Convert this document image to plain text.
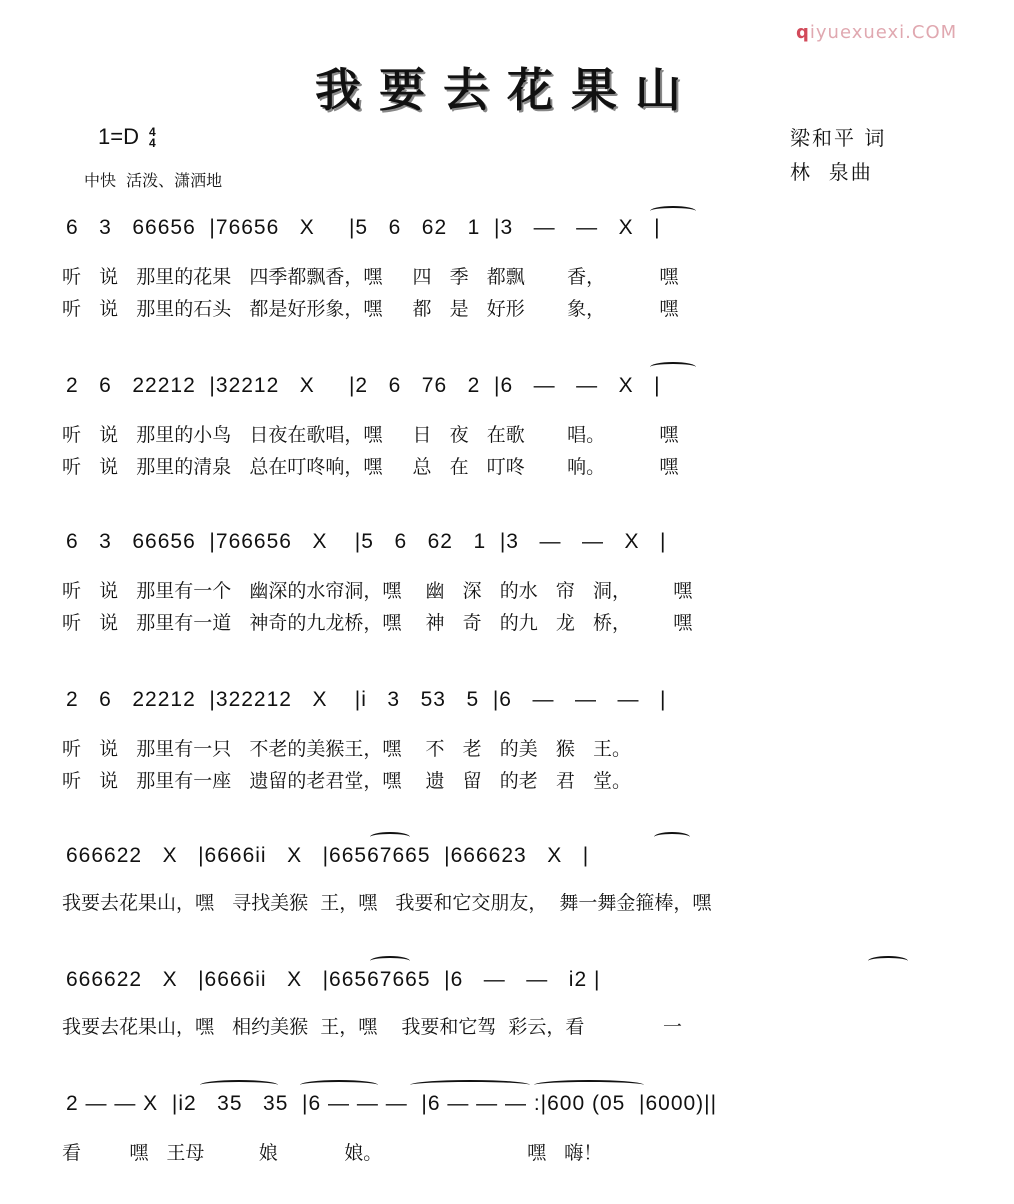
qiyuexuexi.COM
我要去花果山
1=D 4
4
中快  活泼、潇洒地
梁和平 词
林  泉曲
6   3   66656  |76656   X     |5   6   62   1  |3   —   —   X   |
听   说   那里的花果   四季都飘香，嘿     四   季   都飘       香，         嘿
听   说   那里的石头   都是好形象，嘿     都   是   好形       象，         嘿
2   6   22212  |32212   X     |2   6   76   2  |6   —   —   X   |
听   说   那里的小鸟   日夜在歌唱，嘿     日   夜   在歌       唱。         嘿
听   说   那里的清泉   总在叮咚响，嘿     总   在   叮咚       响。         嘿
6   3   66656  |766656   X    |5   6   62   1  |3   —   —   X   |
听   说   那里有一个   幽深的水帘洞，嘿    幽   深   的水   帘   洞，       嘿
听   说   那里有一道   神奇的九龙桥，嘿    神   奇   的九   龙   桥，       嘿
2   6   22212  |322212   X    |i   3   53   5  |6   —   —   —   |
听   说   那里有一只   不老的美猴王，嘿    不   老   的美   猴   王。
听   说   那里有一座   遗留的老君堂，嘿    遗   留   的老   君   堂。
666622   X   |6666ii   X   |66567665  |666623   X   |
我要去花果山，嘿   寻找美猴  王，嘿   我要和它交朋友，  舞一舞金箍棒，嘿
666622   X   |6666ii   X   |66567665  |6   —   —   i2 |
我要去花果山，嘿   相约美猴  王，嘿    我要和它驾  彩云，看             一
2 — — X  |i2   35   35  |6 — — —  |6 — — — :|600 (05  |6000)||
看        嘿   王母         娘           娘。                        嘿   嗨！
